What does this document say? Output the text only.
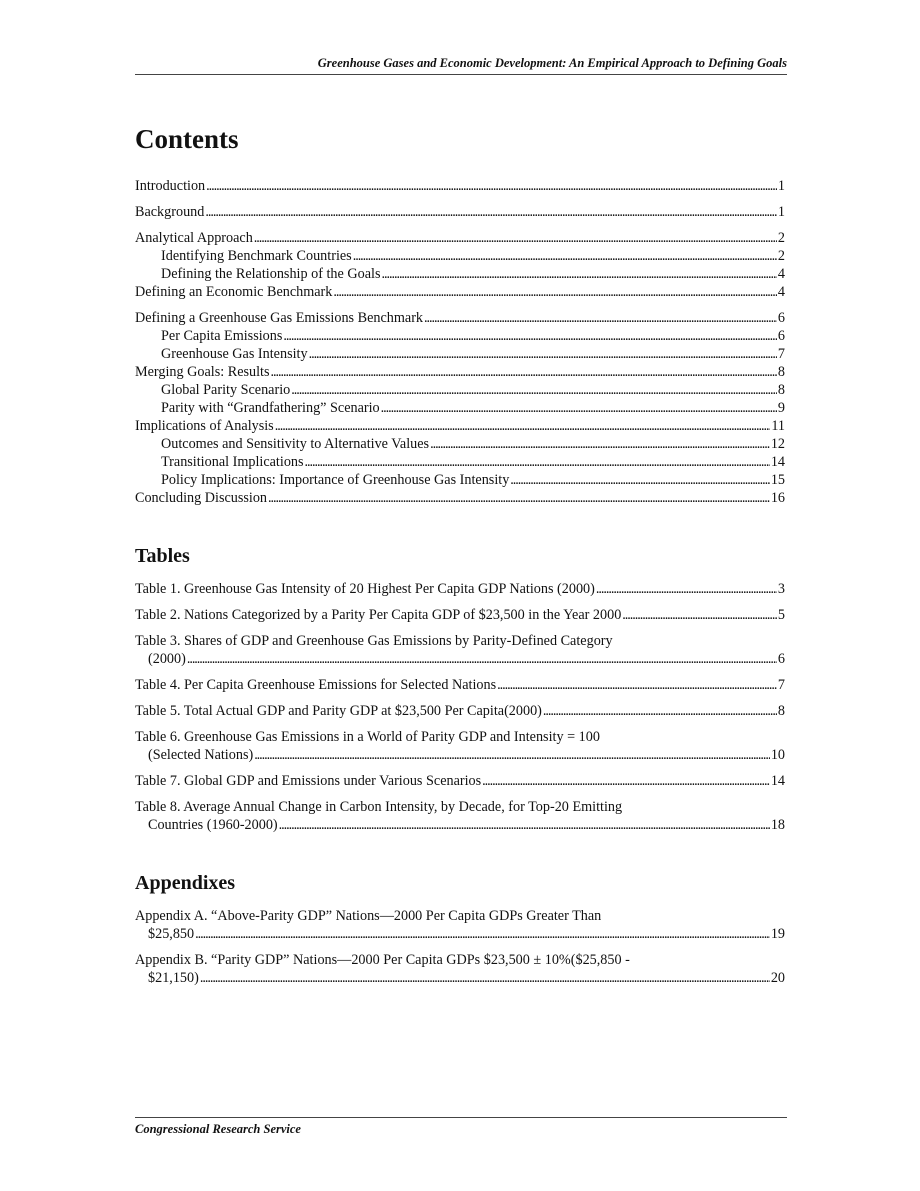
Greenhouse Gases and Economic Development: An Empirical Approach to Defining Goals
Contents
Introduction . . .	1
Background . . .	1
Analytical Approach . . .	2
Identifying Benchmark Countries . . .	2
Defining the Relationship of the Goals . . .	4
Defining an Economic Benchmark . . .	4
Defining a Greenhouse Gas Emissions Benchmark . . .	6
Per Capita Emissions . . .	6
Greenhouse Gas Intensity . . .	7
Merging Goals: Results . . .	8
Global Parity Scenario . . .	8
Parity with “Grandfathering” Scenario . . .	9
Implications of Analysis . . .	11
Outcomes and Sensitivity to Alternative Values . . .	12
Transitional Implications . . .	14
Policy Implications: Importance of Greenhouse Gas Intensity . . .	15
Concluding Discussion . . .	16
Tables
Table 1. Greenhouse Gas Intensity of 20 Highest Per Capita GDP Nations (2000) . . .	3
Table 2. Nations Categorized by a Parity Per Capita GDP of $23,500 in the Year 2000 . . .	5
Table 3. Shares of GDP and Greenhouse Gas Emissions by Parity-Defined Category
(2000) . . .	6
Table 4. Per Capita Greenhouse Emissions for Selected Nations . . .	7
Table 5. Total Actual GDP and Parity GDP at $23,500 Per Capita(2000) . . .	8
Table 6. Greenhouse Gas Emissions in a World of Parity GDP and Intensity = 100
(Selected Nations) . . .	10
Table 7. Global GDP and Emissions under Various Scenarios . . .	14
Table 8. Average Annual Change in Carbon Intensity, by Decade, for Top-20 Emitting
Countries (1960-2000) . . .	18
Appendixes
Appendix A. “Above-Parity GDP” Nations—2000 Per Capita GDPs Greater Than
$25,850 . . .	19
Appendix B. “Parity GDP” Nations—2000 Per Capita GDPs $23,500 ± 10%($25,850 -
$21,150) . . .	20
Congressional Research Service
